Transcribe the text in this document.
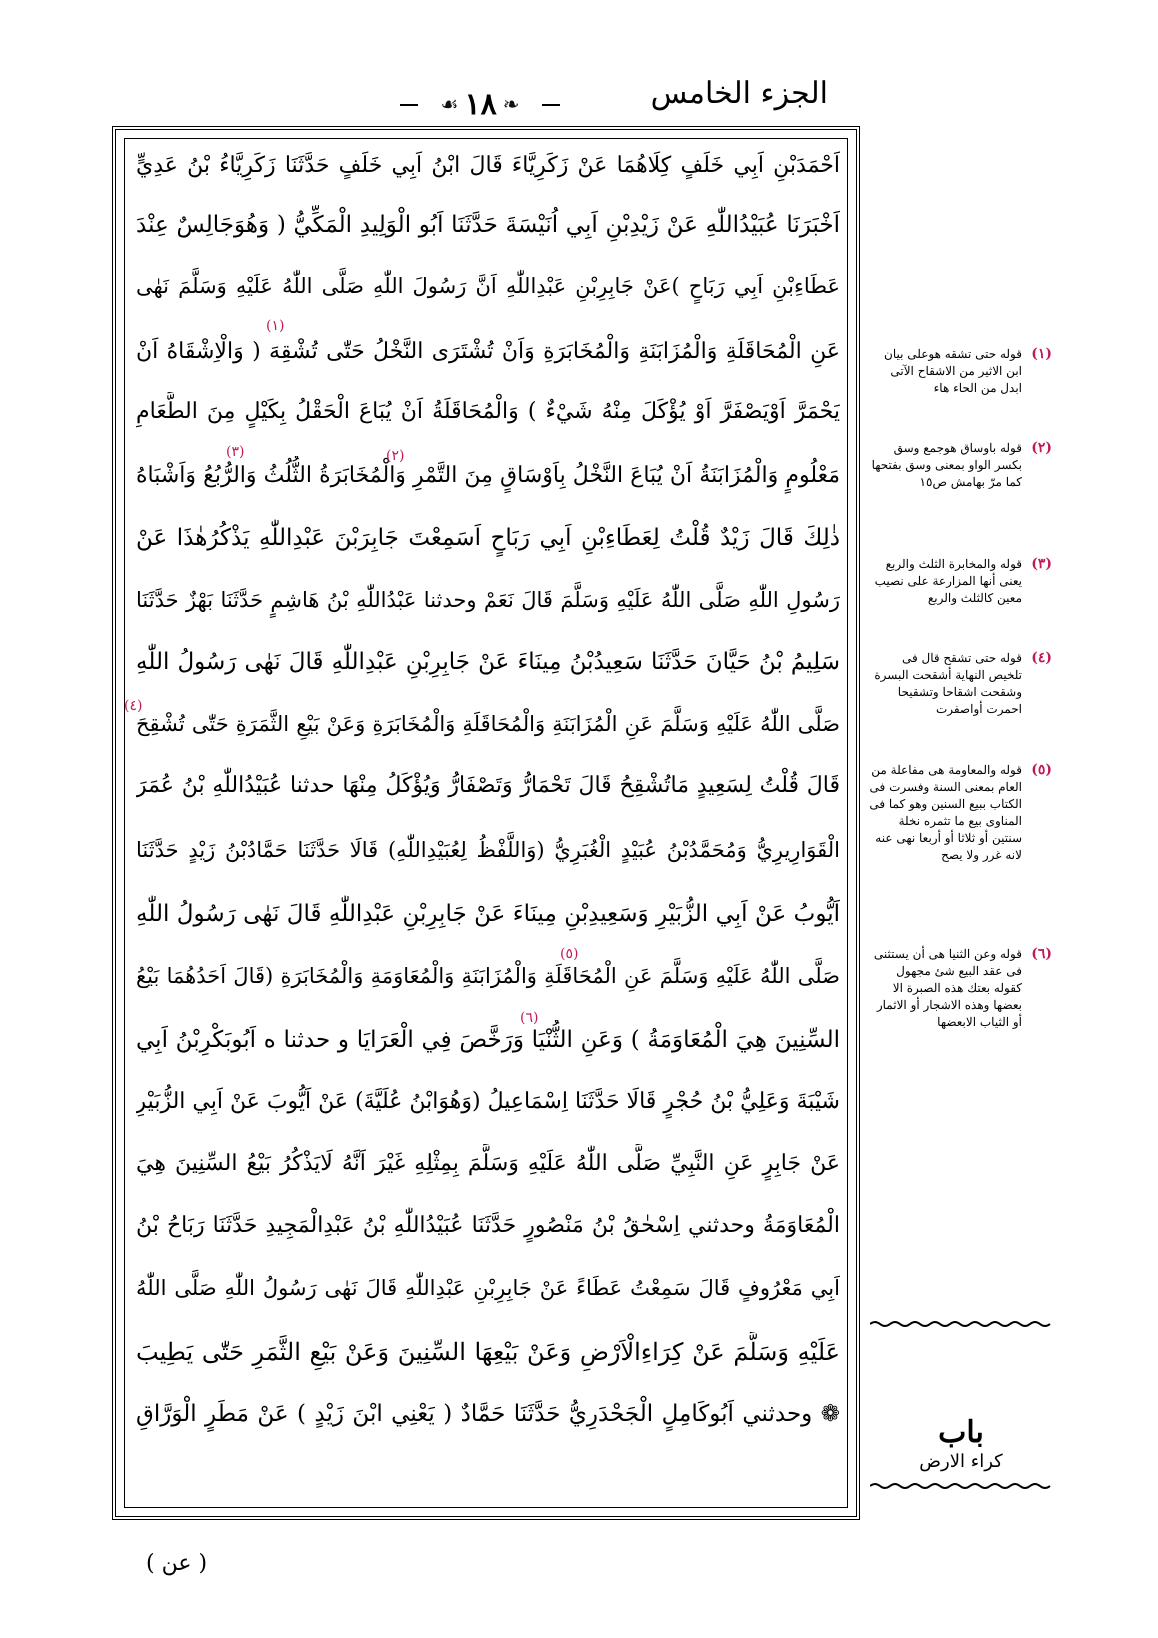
الجزء الخامس
❧
١٨
☙
اَحْمَدَبْنِ اَبِي خَلَفٍ كِلَاهُمَا عَنْ زَكَرِيَّاءَ قَالَ ابْنُ اَبِي خَلَفٍ حَدَّثَنَا زَكَرِيَّاءُ بْنُ عَدِيٍّ
اَخْبَرَنَا عُبَيْدُاللّٰهِ عَنْ زَيْدِبْنِ اَبِي اُنَيْسَةَ حَدَّثَنَا اَبُو الْوَلِيدِ الْمَكِّيُّ ( وَهُوَجَالِسٌ عِنْدَ
عَطَاءِبْنِ اَبِي رَبَاحٍ )عَنْ جَابِرِبْنِ عَبْدِاللّٰهِ اَنَّ رَسُولَ اللّٰهِ صَلَّى اللّٰهُ عَلَيْهِ وَسَلَّمَ نَهٰى
عَنِ الْمُحَاقَلَةِ وَالْمُزَابَنَةِ وَالْمُخَابَرَةِ وَاَنْ تُشْتَرَى النَّخْلُ حَتّٰى تُشْقِهَ ( وَالْاِشْقَاهُ اَنْ
يَحْمَرَّ اَوْيَصْفَرَّ اَوْ يُؤْكَلَ مِنْهُ شَيْءٌ ) وَالْمُحَاقَلَةُ اَنْ يُبَاعَ الْحَقْلُ بِكَيْلٍ مِنَ الطَّعَامِ
مَعْلُومٍ وَالْمُزَابَنَةُ اَنْ يُبَاعَ النَّخْلُ بِاَوْسَاقٍ مِنَ التَّمْرِ وَالْمُخَابَرَةُ الثُّلُثُ وَالرُّبُعُ وَاَشْبَاهُ
ذٰلِكَ قَالَ زَيْدٌ قُلْتُ لِعَطَاءِبْنِ اَبِي رَبَاحٍ اَسَمِعْتَ جَابِرَبْنَ عَبْدِاللّٰهِ يَذْكُرُهٰذَا عَنْ
رَسُولِ اللّٰهِ صَلَّى اللّٰهُ عَلَيْهِ وَسَلَّمَ قَالَ نَعَمْ وحدثنا عَبْدُاللّٰهِ بْنُ هَاشِمٍ حَدَّثَنَا بَهْزٌ حَدَّثَنَا
سَلِيمُ بْنُ حَيَّانَ حَدَّثَنَا سَعِيدُبْنُ مِينَاءَ عَنْ جَابِرِبْنِ عَبْدِاللّٰهِ قَالَ نَهٰى رَسُولُ اللّٰهِ
صَلَّى اللّٰهُ عَلَيْهِ وَسَلَّمَ عَنِ الْمُزَابَنَةِ وَالْمُحَاقَلَةِ وَالْمُخَابَرَةِ وَعَنْ بَيْعِ الثَّمَرَةِ حَتّٰى تُشْقِحَ
قَالَ قُلْتُ لِسَعِيدٍ مَاتُشْقِحُ قَالَ تَحْمَارُّ وَتَصْفَارُّ وَيُؤْكَلُ مِنْهَا حدثنا عُبَيْدُاللّٰهِ بْنُ عُمَرَ
الْقَوَارِيرِيُّ وَمُحَمَّدُبْنُ عُبَيْدٍ الْغُبَرِيُّ (وَاللَّفْظُ لِعُبَيْدِاللّٰهِ) قَالَا حَدَّثَنَا حَمَّادُبْنُ زَيْدٍ حَدَّثَنَا
اَيُّوبُ عَنْ اَبِي الزُّبَيْرِ وَسَعِيدِبْنِ مِينَاءَ عَنْ جَابِرِبْنِ عَبْدِاللّٰهِ قَالَ نَهٰى رَسُولُ اللّٰهِ
صَلَّى اللّٰهُ عَلَيْهِ وَسَلَّمَ عَنِ الْمُحَاقَلَةِ وَالْمُزَابَنَةِ وَالْمُعَاوَمَةِ وَالْمُخَابَرَةِ (قَالَ اَحَدُهُمَا بَيْعُ
السِّنِينَ هِيَ الْمُعَاوَمَةُ ) وَعَنِ الثُّنْيَا وَرَخَّصَ فِي الْعَرَايَا و حدثنا ه اَبُوبَكْرِبْنُ اَبِي
شَيْبَةَ وَعَلِيُّ بْنُ حُجْرٍ قَالَا حَدَّثَنَا اِسْمَاعِيلُ (وَهُوَابْنُ عُلَيَّةَ) عَنْ اَيُّوبَ عَنْ اَبِي الزُّبَيْرِ
عَنْ جَابِرٍ عَنِ النَّبِيِّ صَلَّى اللّٰهُ عَلَيْهِ وَسَلَّمَ بِمِثْلِهِ غَيْرَ اَنَّهُ لَايَذْكُرُ بَيْعُ السِّنِينَ هِيَ
الْمُعَاوَمَةُ وحدثني اِسْحٰقُ بْنُ مَنْصُورٍ حَدَّثَنَا عُبَيْدُاللّٰهِ بْنُ عَبْدِالْمَجِيدِ حَدَّثَنَا رَبَاحُ بْنُ
اَبِي مَعْرُوفٍ قَالَ سَمِعْتُ عَطَاءً عَنْ جَابِرِبْنِ عَبْدِاللّٰهِ قَالَ نَهٰى رَسُولُ اللّٰهِ صَلَّى اللّٰهُ
عَلَيْهِ وَسَلَّمَ عَنْ كِرَاءِالْاَرْضِ وَعَنْ بَيْعِهَا السِّنِينَ وَعَنْ بَيْعِ الثَّمَرِ حَتّٰى يَطِيبَ
❁ وحدثني اَبُوكَامِلٍ الْجَحْدَرِيُّ حَدَّثَنَا حَمَّادٌ ( يَعْنِي ابْنَ زَيْدٍ ) عَنْ مَطَرٍ الْوَرَّاقِ
(١)
(٢)
(٣)
(٤)
(٥)
(٦)
(١)
قوله حتى تشقه هوعلى بيان ابن الاثير من الاشقاح الآتى ابدل من الحاء هاء
(٢)
قوله باوساق هوجمع وسق بكسر الواو بمعنى وسق بفتحها كما مرّ بهامش ص١٥
(٣)
قوله والمخابرة الثلث والربع يعنى أنها المزارعة على نصيب معين كالثلث والربع
(٤)
قوله حتى تشقح قال فى تلخيص النهاية أشقحت البسرة وشقحت اشقاحا وتشقيحا احمرت أواصفرت
(٥)
قوله والمعاومة هى مفاعلة من العام بمعنى السنة وفسرت فى الكتاب ببيع السنين وهو كما فى المناوى بيع ما تثمره نخلة سنتين أو ثلاثا أو أربعا نهى عنه لانه غرر ولا يصح
(٦)
قوله وعن الثنيا هى أن يستثنى فى عقد البيع شئ مجهول كقوله بعتك هذه الصبرة الا بعضها وهذه الاشجار أو الاثمار أو الثياب الابعضها
باب
كراء الارض
( عن )
